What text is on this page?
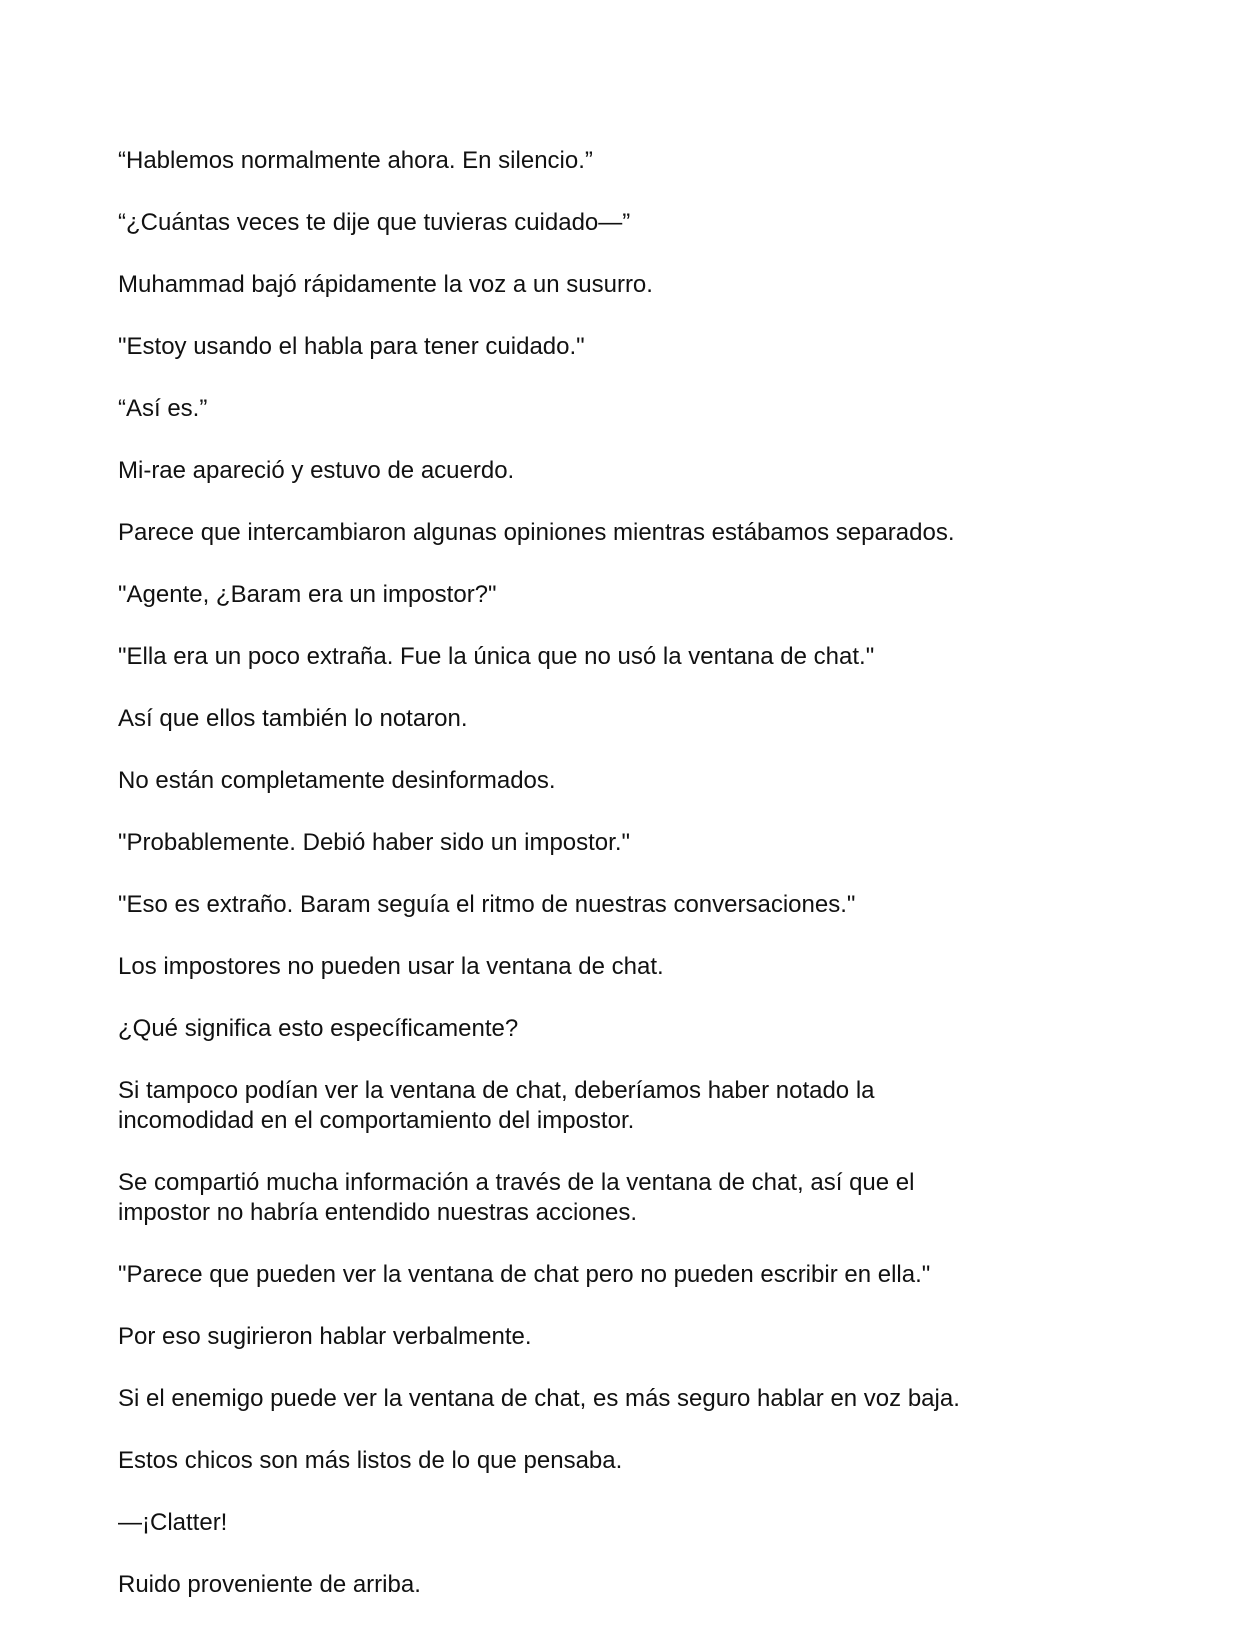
“Hablemos normalmente ahora. En silencio.”

“¿Cuántas veces te dije que tuvieras cuidado—”

Muhammad bajó rápidamente la voz a un susurro.

"Estoy usando el habla para tener cuidado."

“Así es.”

Mi-rae apareció y estuvo de acuerdo.

Parece que intercambiaron algunas opiniones mientras estábamos separados.

"Agente, ¿Baram era un impostor?"

"Ella era un poco extraña. Fue la única que no usó la ventana de chat."

Así que ellos también lo notaron.

No están completamente desinformados.

"Probablemente. Debió haber sido un impostor."

"Eso es extraño. Baram seguía el ritmo de nuestras conversaciones."

Los impostores no pueden usar la ventana de chat.

¿Qué significa esto específicamente?

Si tampoco podían ver la ventana de chat, deberíamos haber notado la
incomodidad en el comportamiento del impostor.

Se compartió mucha información a través de la ventana de chat, así que el
impostor no habría entendido nuestras acciones.

"Parece que pueden ver la ventana de chat pero no pueden escribir en ella."

Por eso sugirieron hablar verbalmente.

Si el enemigo puede ver la ventana de chat, es más seguro hablar en voz baja.

Estos chicos son más listos de lo que pensaba.

—¡Clatter!

Ruido proveniente de arriba.
